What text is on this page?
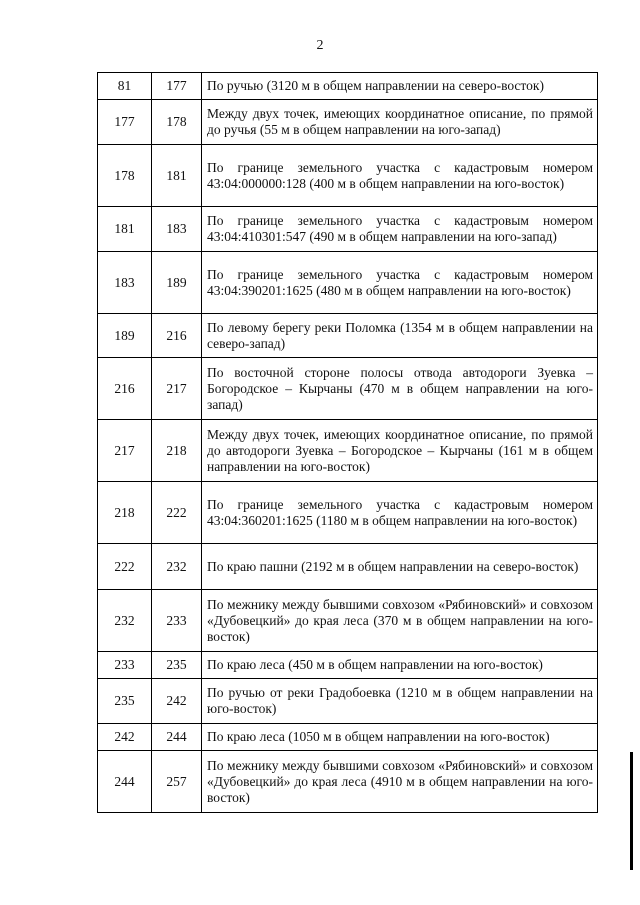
2
81	177	По ручью (3120 м в общем направлении на северо-восток)
177	178	Между двух точек, имеющих координатное описание, по прямой до ручья (55 м в общем направлении на юго-запад)
178	181	По границе земельного участка с кадастровым номером 43:04:000000:128 (400 м в общем направлении на юго-восток)
181	183	По границе земельного участка с кадастровым номером 43:04:410301:547 (490 м в общем направлении на юго-запад)
183	189	По границе земельного участка с кадастровым номером 43:04:390201:1625 (480 м в общем направлении на юго-восток)
189	216	По левому берегу реки Поломка (1354 м в общем направлении на северо-запад)
216	217	По восточной стороне полосы отвода автодороги Зуевка – Богородское – Кырчаны (470 м в общем направлении на юго-запад)
217	218	Между двух точек, имеющих координатное описание, по прямой до автодороги Зуевка – Богородское – Кырчаны (161 м в общем направлении на юго-восток)
218	222	По границе земельного участка с кадастровым номером 43:04:360201:1625 (1180 м в общем направлении на юго-восток)
222	232	По краю пашни (2192 м в общем направлении на северо-восток)
232	233	По межнику между бывшими совхозом «Рябиновский» и совхозом «Дубовецкий» до края леса (370 м в общем направлении на юго-восток)
233	235	По краю леса (450 м в общем направлении на юго-восток)
235	242	По ручью от реки Градобоевка (1210 м в общем направлении на юго-восток)
242	244	По краю леса (1050 м в общем направлении на юго-восток)
244	257	По межнику между бывшими совхозом «Рябиновский» и совхозом «Дубовецкий» до края леса (4910 м в общем направлении на юго-восток)
